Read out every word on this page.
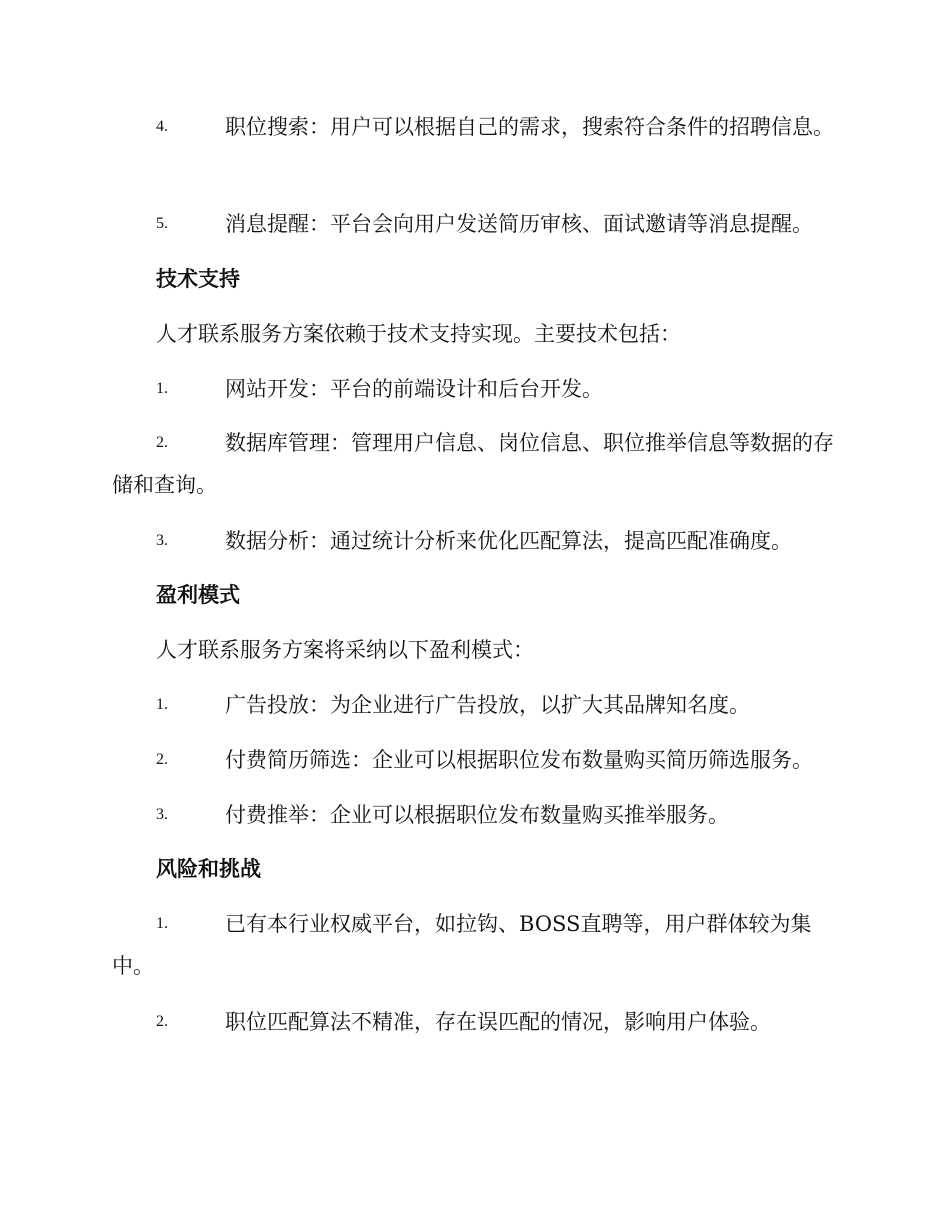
4.	职位搜索：用户可以根据自己的需求，搜索符合条件的招聘信息。
5.	消息提醒：平台会向用户发送简历审核、面试邀请等消息提醒。
技术支持
人才联系服务方案依赖于技术支持实现。主要技术包括：
1.	网站开发：平台的前端设计和后台开发。
2.	数据库管理：管理用户信息、岗位信息、职位推举信息等数据的存储和查询。
3.	数据分析：通过统计分析来优化匹配算法，提高匹配准确度。
盈利模式
人才联系服务方案将采纳以下盈利模式：
1.	广告投放：为企业进行广告投放，以扩大其品牌知名度。
2.	付费简历筛选：企业可以根据职位发布数量购买简历筛选服务。
3.	付费推举：企业可以根据职位发布数量购买推举服务。
风险和挑战
1.	已有本行业权威平台，如拉钩、BOSS直聘等，用户群体较为集中。
2.	职位匹配算法不精准，存在误匹配的情况，影响用户体验。
